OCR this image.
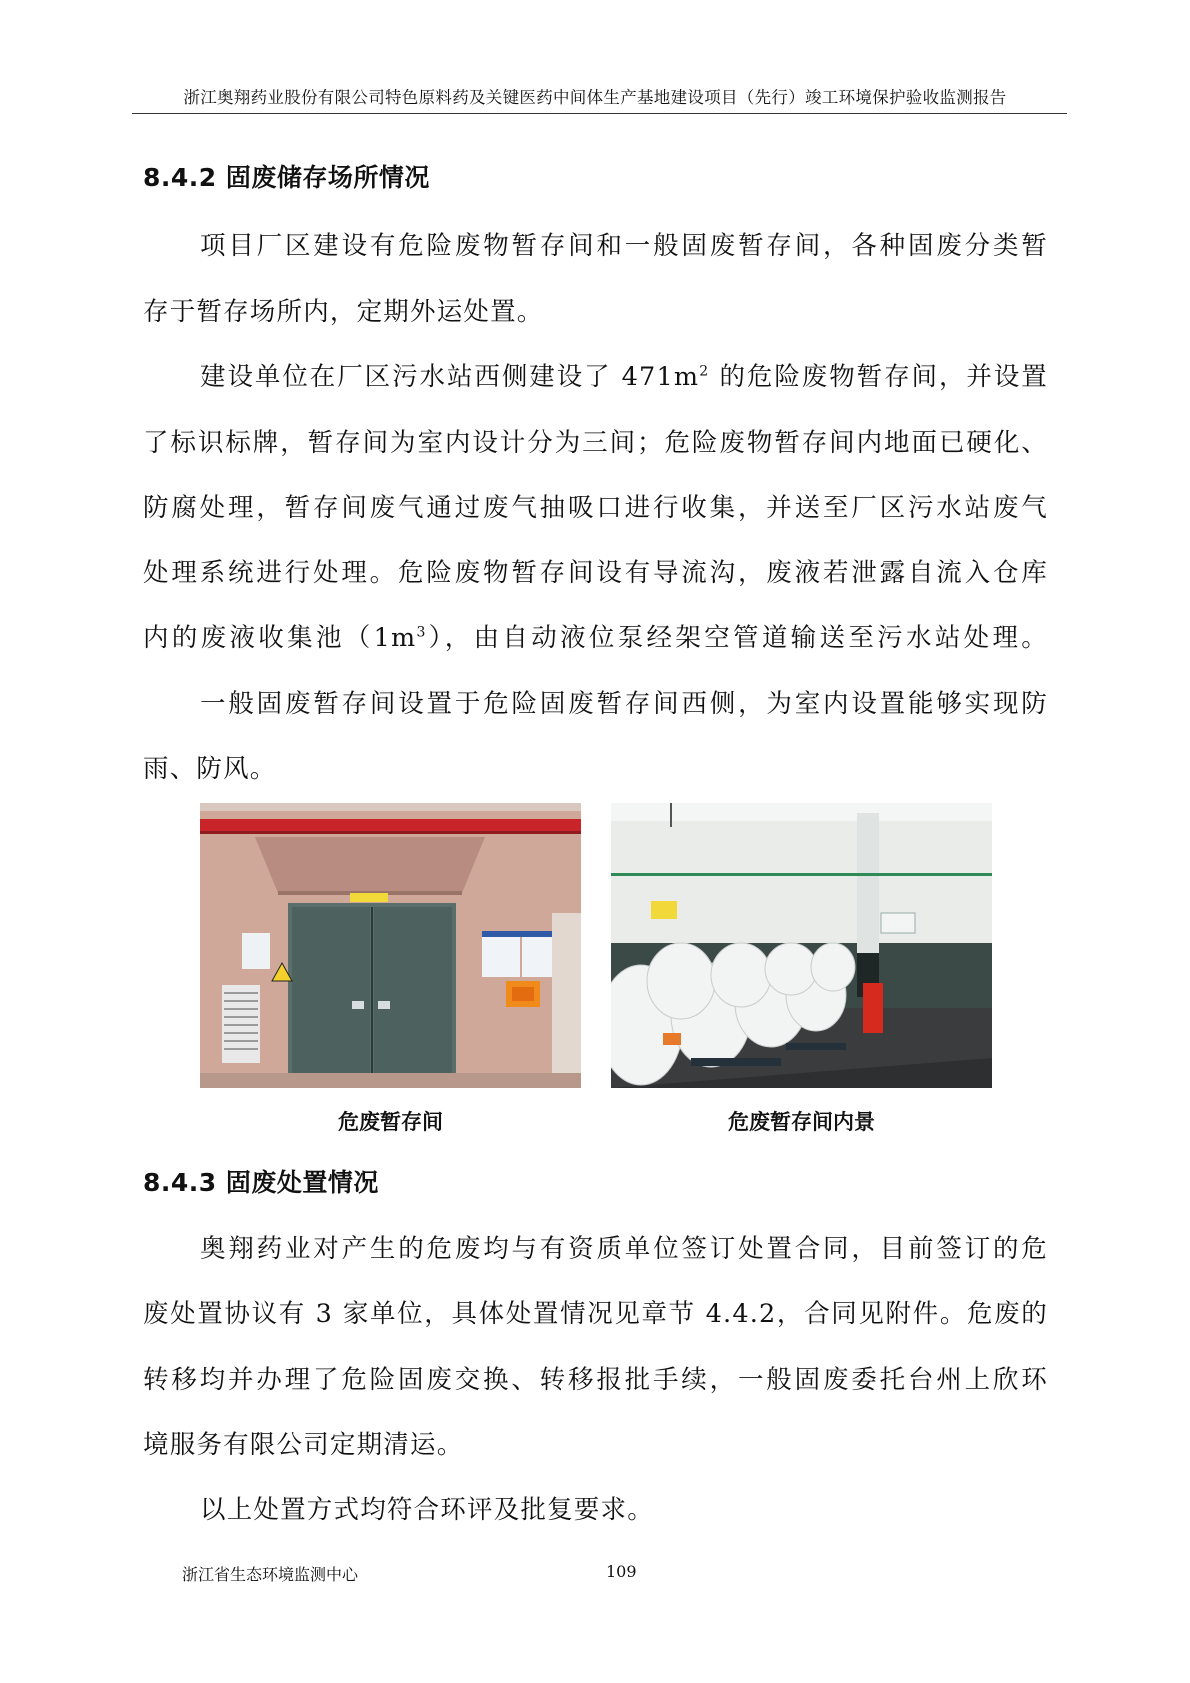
浙江奥翔药业股份有限公司特色原料药及关键医药中间体生产基地建设项目（先行）竣工环境保护验收监测报告
8.4.2 固废储存场所情况
项目厂区建设有危险废物暂存间和一般固废暂存间，各种固废分类暂
存于暂存场所内，定期外运处置。
建设单位在厂区污水站西侧建设了 $471m^2$ 的危险废物暂存间，并设置
了标识标牌，暂存间为室内设计分为三间；危险废物暂存间内地面已硬化、
防腐处理，暂存间废气通过废气抽吸口进行收集，并送至厂区污水站废气
处理系统进行处理。危险废物暂存间设有导流沟，废液若泄露自流入仓库
内的废液收集池$(1m^3)$，由自动液位泵经架空管道输送至污水站处理。
一般固废暂存间设置于危险固废暂存间西侧，为室内设置能够实现防
雨、防风。
危废暂存间	危废暂存间内景
8.4.3 固废处置情况
奥翔药业对产生的危废均与有资质单位签订处置合同，目前签订的危
废处置协议有 3 家单位，具体处置情况见章节 4.4.2，合同见附件。危废的
转移均并办理了危险固废交换、转移报批手续，一般固废委托台州上欣环
境服务有限公司定期清运。
以上处置方式均符合环评及批复要求。
浙江省生态环境监测中心	109
